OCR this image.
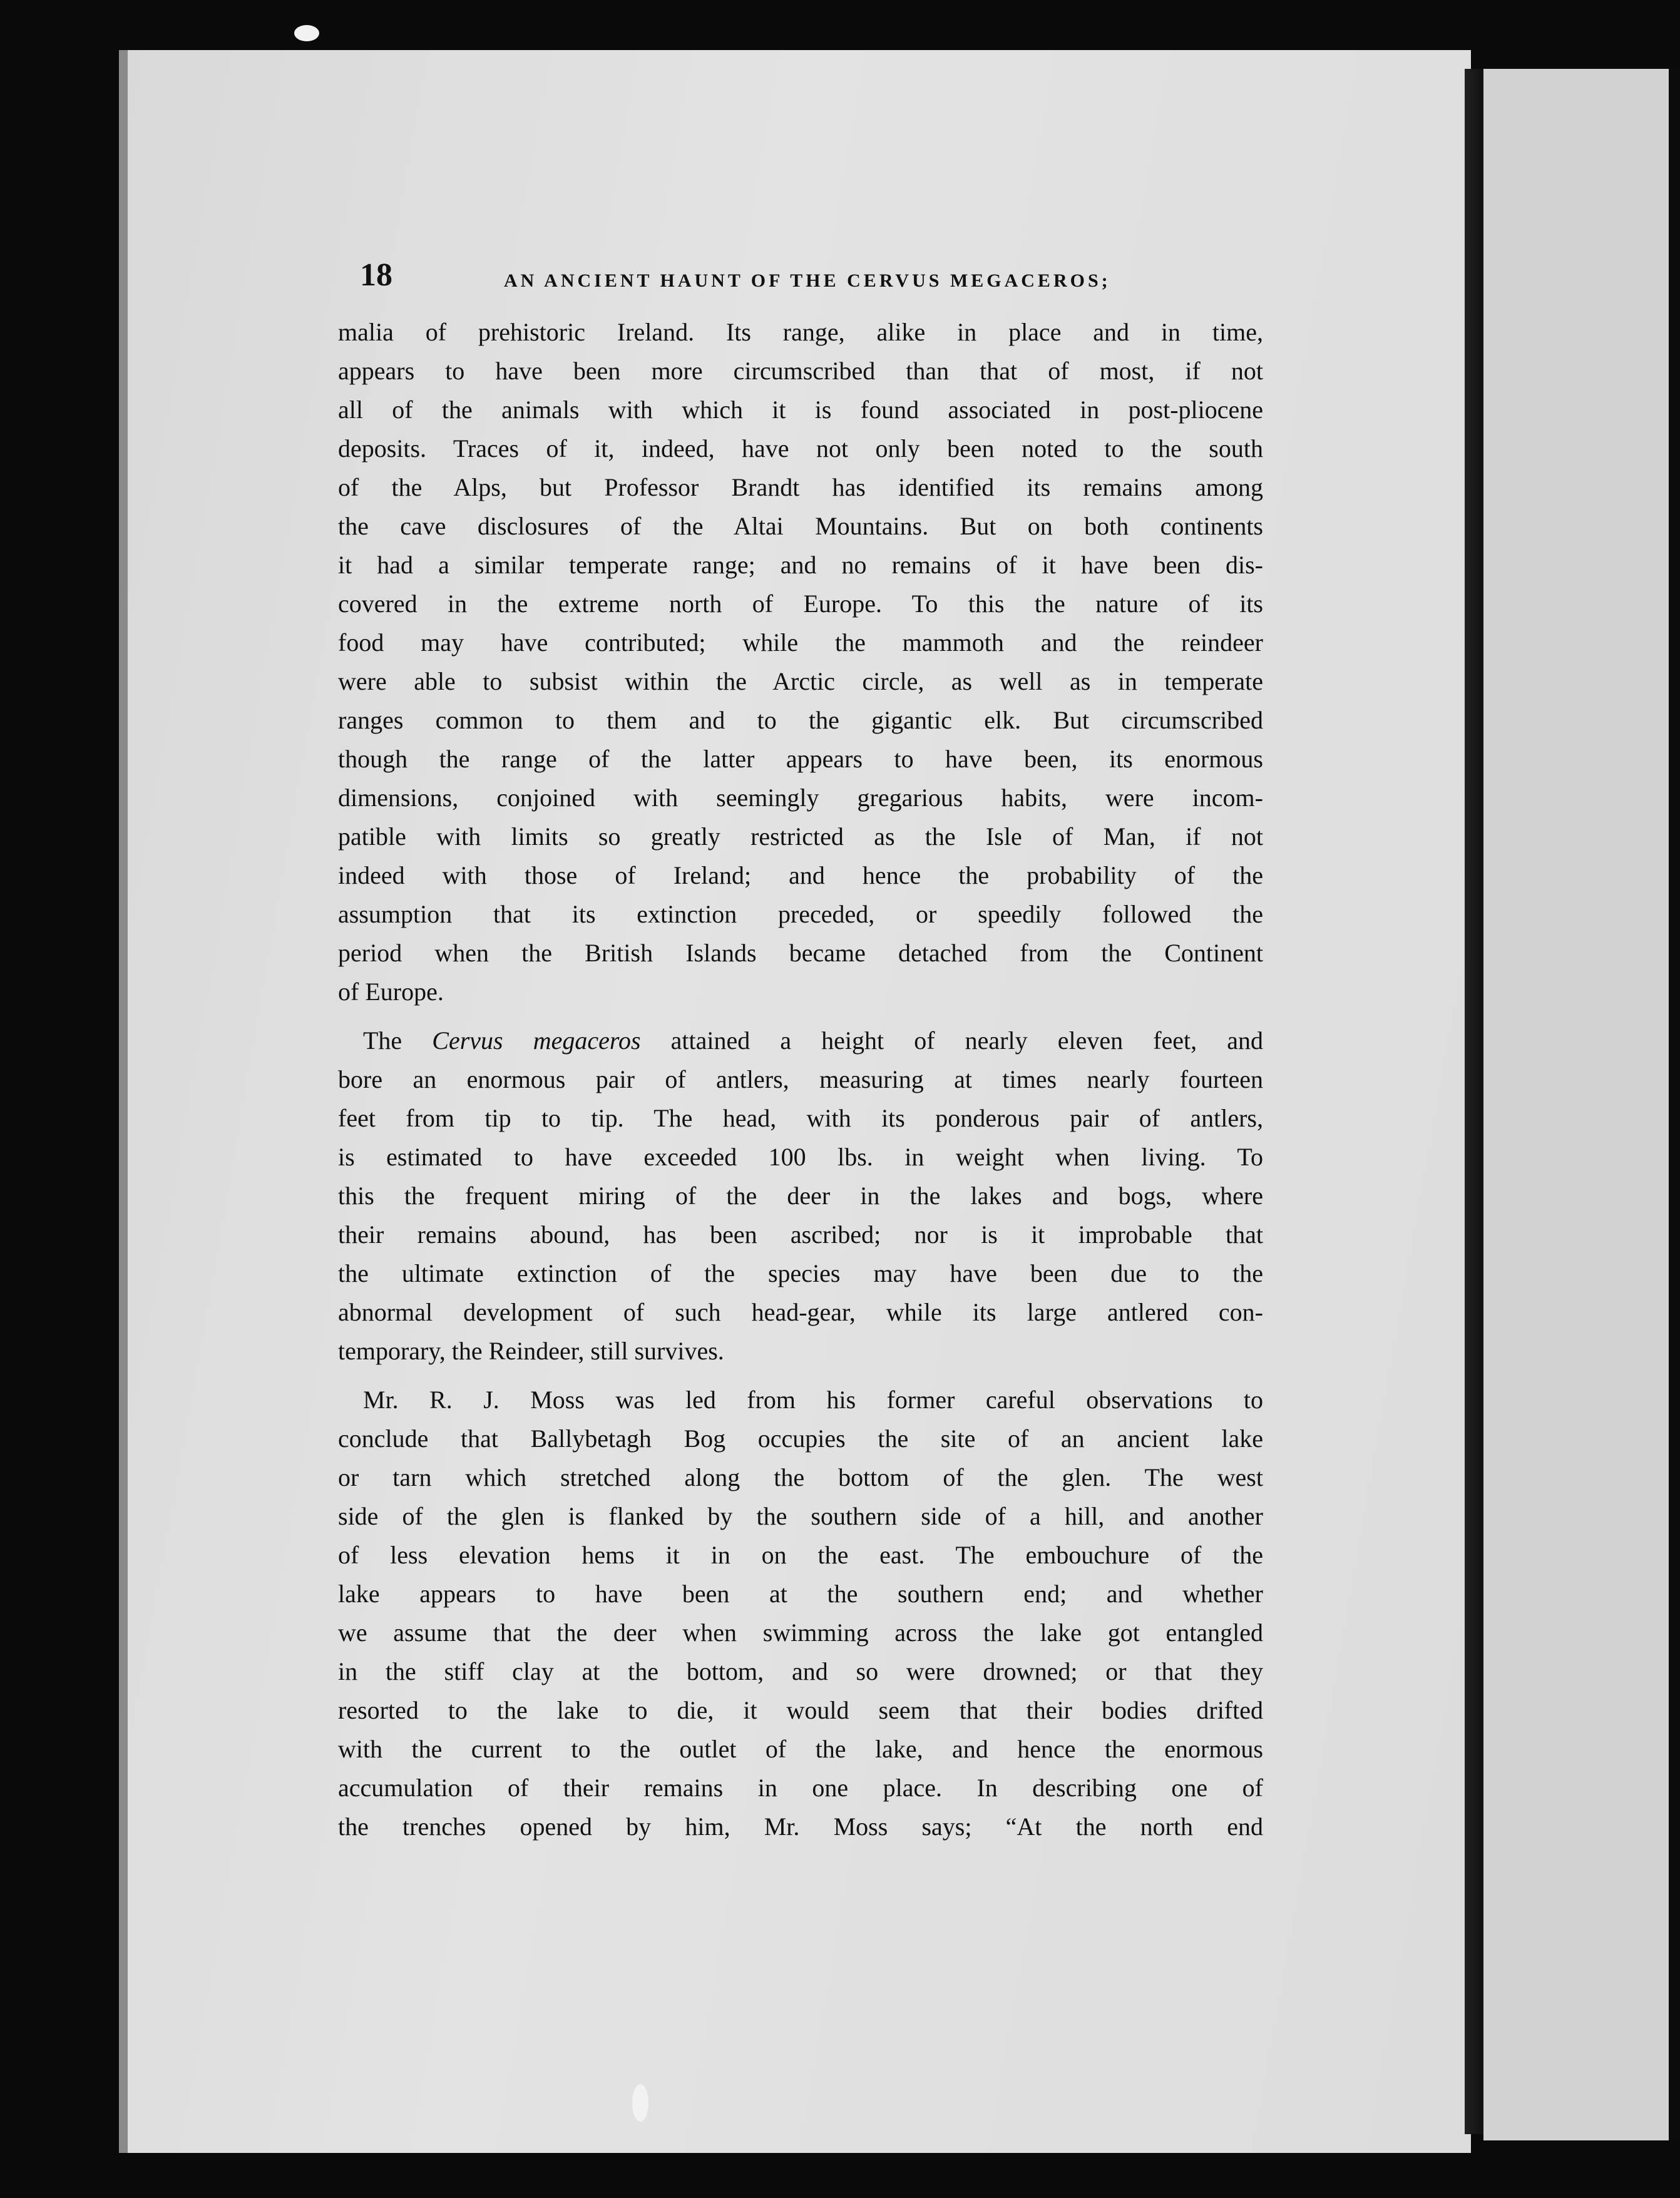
18	AN ANCIENT HAUNT OF THE CERVUS MEGACEROS;
malia of prehistoric Ireland. Its range, alike in place and in time,
appears to have been more circumscribed than that of most, if not
all of the animals with which it is found associated in post-pliocene
deposits. Traces of it, indeed, have not only been noted to the south
of the Alps, but Professor Brandt has identified its remains among
the cave disclosures of the Altai Mountains. But on both continents
it had a similar temperate range; and no remains of it have been dis-
covered in the extreme north of Europe. To this the nature of its
food may have contributed; while the mammoth and the reindeer
were able to subsist within the Arctic circle, as well as in temperate
ranges common to them and to the gigantic elk. But circumscribed
though the range of the latter appears to have been, its enormous
dimensions, conjoined with seemingly gregarious habits, were incom-
patible with limits so greatly restricted as the Isle of Man, if not
indeed with those of Ireland; and hence the probability of the
assumption that its extinction preceded, or speedily followed the
period when the British Islands became detached from the Continent
of Europe.
The Cervus megaceros attained a height of nearly eleven feet, and
bore an enormous pair of antlers, measuring at times nearly fourteen
feet from tip to tip. The head, with its ponderous pair of antlers,
is estimated to have exceeded 100 lbs. in weight when living. To
this the frequent miring of the deer in the lakes and bogs, where
their remains abound, has been ascribed; nor is it improbable that
the ultimate extinction of the species may have been due to the
abnormal development of such head-gear, while its large antlered con-
temporary, the Reindeer, still survives.
Mr. R. J. Moss was led from his former careful observations to
conclude that Ballybetagh Bog occupies the site of an ancient lake
or tarn which stretched along the bottom of the glen. The west
side of the glen is flanked by the southern side of a hill, and another
of less elevation hems it in on the east. The embouchure of the
lake appears to have been at the southern end; and whether
we assume that the deer when swimming across the lake got entangled
in the stiff clay at the bottom, and so were drowned; or that they
resorted to the lake to die, it would seem that their bodies drifted
with the current to the outlet of the lake, and hence the enormous
accumulation of their remains in one place. In describing one of
the trenches opened by him, Mr. Moss says; “At the north end
